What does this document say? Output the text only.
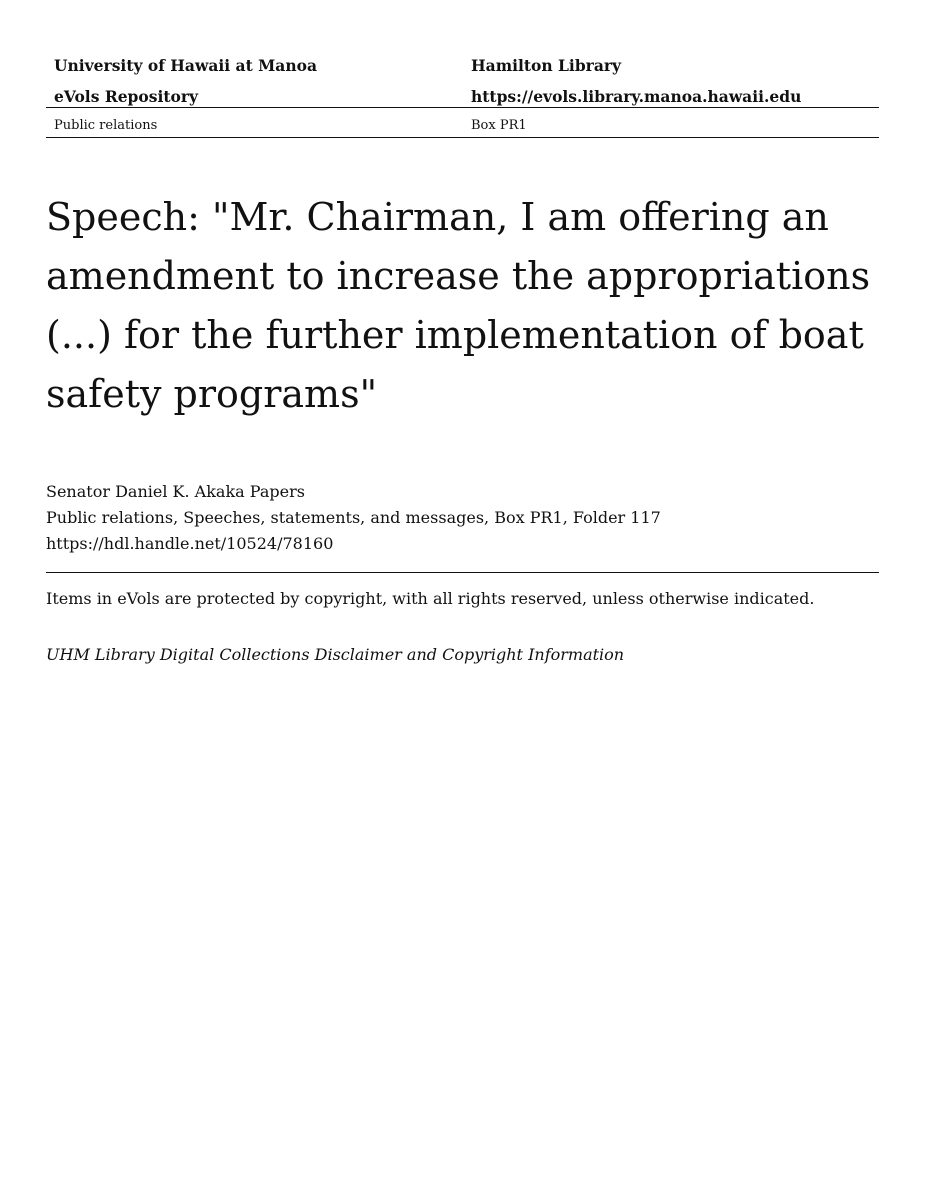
University of Hawaii at Manoa	Hamilton Library
eVols Repository	https://evols.library.manoa.hawaii.edu
Public relations	Box PR1
Speech: "Mr. Chairman, I am offering an amendment to increase the appropriations (...) for the further implementation of boat safety programs"
Senator Daniel K. Akaka Papers
Public relations, Speeches, statements, and messages, Box PR1, Folder 117
https://hdl.handle.net/10524/78160
Items in eVols are protected by copyright, with all rights reserved, unless otherwise indicated.
UHM Library Digital Collections Disclaimer and Copyright Information
